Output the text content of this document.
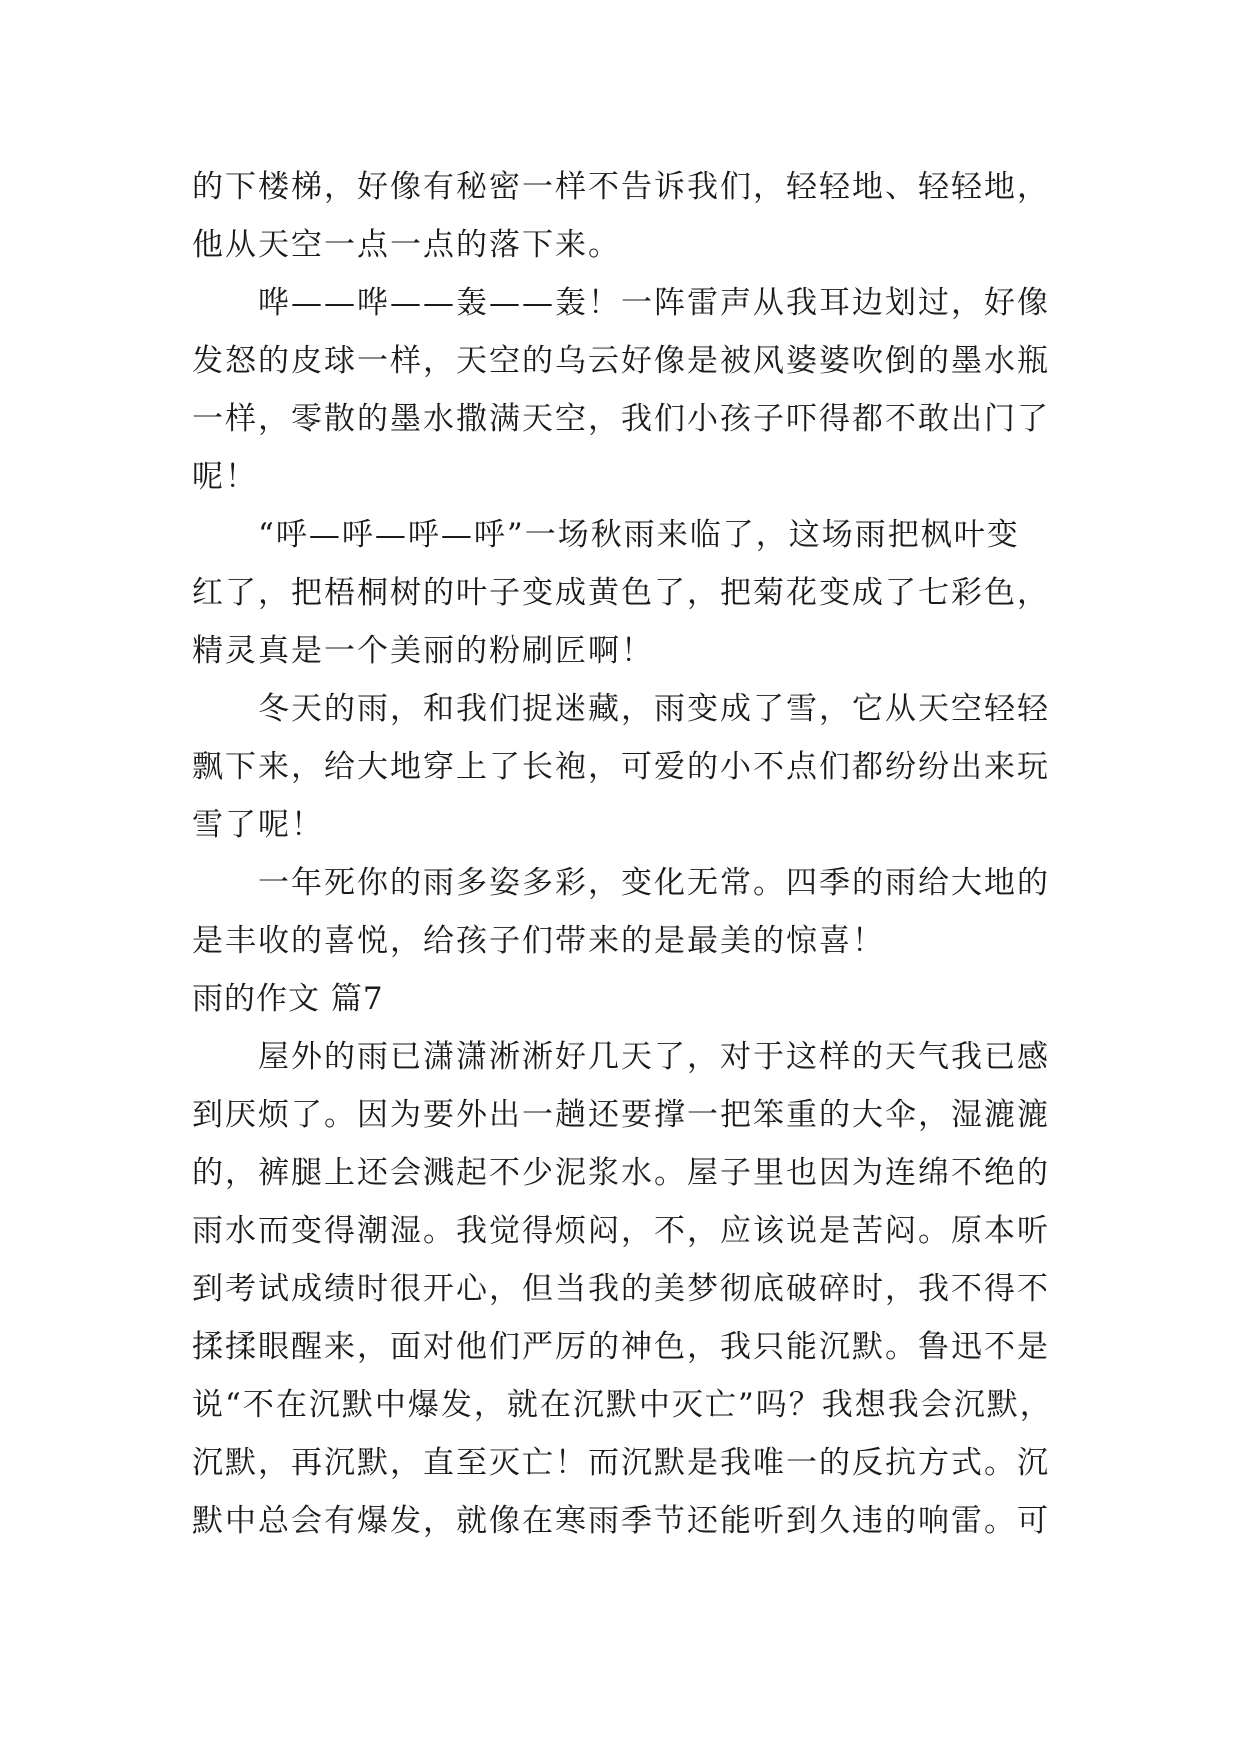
的下楼梯，好像有秘密一样不告诉我们，轻轻地、轻轻地，
他从天空一点一点的落下来。
哗——哗——轰——轰！一阵雷声从我耳边划过，好像
发怒的皮球一样，天空的乌云好像是被风婆婆吹倒的墨水瓶
一样，零散的墨水撒满天空，我们小孩子吓得都不敢出门了
呢！
“呼—呼—呼—呼”一场秋雨来临了，这场雨把枫叶变
红了，把梧桐树的叶子变成黄色了，把菊花变成了七彩色，
精灵真是一个美丽的粉刷匠啊！
冬天的雨，和我们捉迷藏，雨变成了雪，它从天空轻轻
飘下来，给大地穿上了长袍，可爱的小不点们都纷纷出来玩
雪了呢！
一年死你的雨多姿多彩，变化无常。四季的雨给大地的
是丰收的喜悦，给孩子们带来的是最美的惊喜！
雨的作文 篇7
屋外的雨已潇潇淅淅好几天了，对于这样的天气我已感
到厌烦了。因为要外出一趟还要撑一把笨重的大伞，湿漉漉
的，裤腿上还会溅起不少泥浆水。屋子里也因为连绵不绝的
雨水而变得潮湿。我觉得烦闷，不，应该说是苦闷。原本听
到考试成绩时很开心，但当我的美梦彻底破碎时，我不得不
揉揉眼醒来，面对他们严厉的神色，我只能沉默。鲁迅不是
说“不在沉默中爆发，就在沉默中灭亡”吗？我想我会沉默，
沉默，再沉默，直至灭亡！而沉默是我唯一的反抗方式。沉
默中总会有爆发，就像在寒雨季节还能听到久违的响雷。可
